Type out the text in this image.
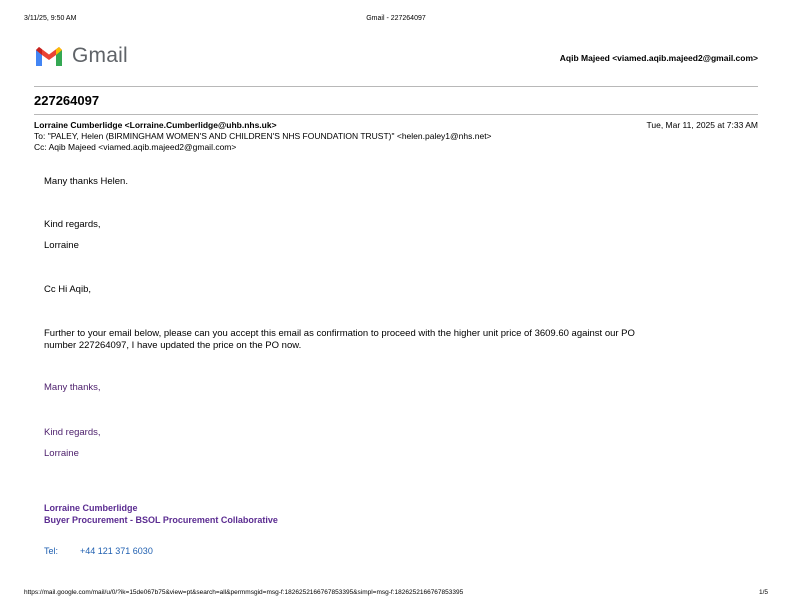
3/11/25, 9:50 AM	Gmail - 227264097
Gmail	Aqib Majeed <viamed.aqib.majeed2@gmail.com>
227264097
Lorraine Cumberlidge <Lorraine.Cumberlidge@uhb.nhs.uk>	Tue, Mar 11, 2025 at 7:33 AM
To: "PALEY, Helen (BIRMINGHAM WOMEN'S AND CHILDREN'S NHS FOUNDATION TRUST)" <helen.paley1@nhs.net>
Cc: Aqib Majeed <viamed.aqib.majeed2@gmail.com>

Many thanks Helen.

Kind regards,

Lorraine

Cc Hi Aqib,

Further to your email below, please can you accept this email as confirmation to proceed with the higher unit price of 3609.60 against our PO

number 227264097, I have updated the price on the PO now.

Many thanks,

Kind regards,

Lorraine

Lorraine Cumberlidge

Buyer Procurement - BSOL Procurement Collaborative

Tel: +44 121 371 6030

https://mail.google.com/mail/u/0/?ik=15de067b75&view=pt&search=all&permmsgid=msg-f:1826252166767853395&simpl=msg-f:1826252166767853395	1/5
